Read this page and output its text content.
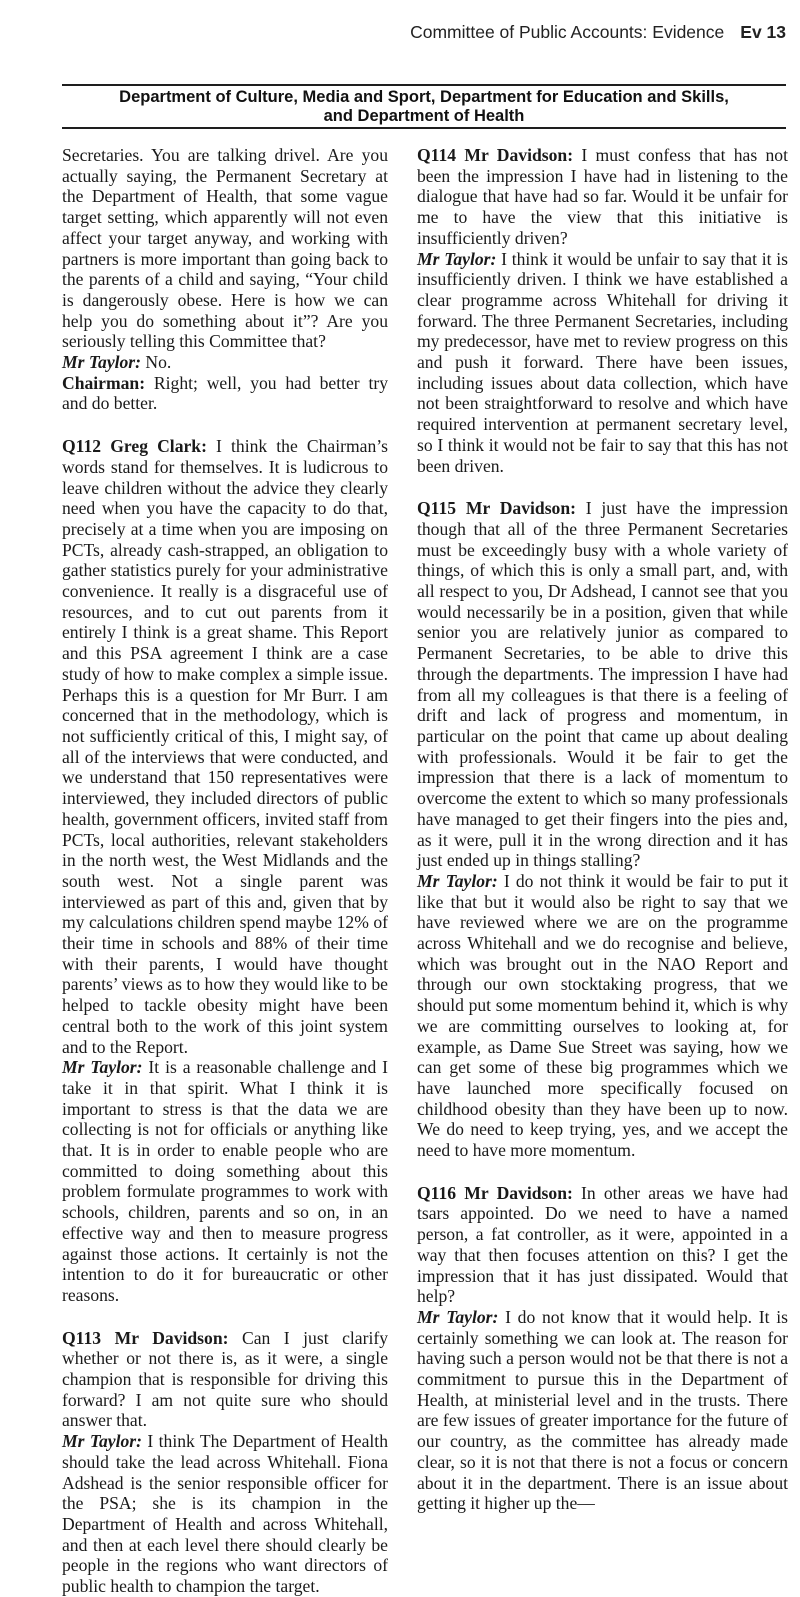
Committee of Public Accounts: Evidence Ev 13
Department of Culture, Media and Sport, Department for Education and Skills,
and Department of Health

Secretaries. You are talking drivel. Are you actually saying, the Permanent Secretary at the Department of Health, that some vague target setting, which apparently will not even affect your target anyway, and working with partners is more important than going back to the parents of a child and saying, “Your child is dangerously obese. Here is how we can help you do something about it”? Are you seriously telling this Committee that?

Mr Taylor: No.

Chairman: Right; well, you had better try and do better.

Q112 Greg Clark: I think the Chairman’s words stand for themselves. It is ludicrous to leave children without the advice they clearly need when you have the capacity to do that, precisely at a time when you are imposing on PCTs, already cash-strapped, an obligation to gather statistics purely for your administrative convenience. It really is a disgraceful use of resources, and to cut out parents from it entirely I think is a great shame. This Report and this PSA agreement I think are a case study of how to make complex a simple issue. Perhaps this is a question for Mr Burr. I am concerned that in the methodology, which is not sufficiently critical of this, I might say, of all of the interviews that were conducted, and we understand that 150 representatives were interviewed, they included directors of public health, government officers, invited staff from PCTs, local authorities, relevant stakeholders in the north west, the West Midlands and the south west. Not a single parent was interviewed as part of this and, given that by my calculations children spend maybe 12% of their time in schools and 88% of their time with their parents, I would have thought parents’ views as to how they would like to be helped to tackle obesity might have been central both to the work of this joint system and to the Report.

Mr Taylor: It is a reasonable challenge and I take it in that spirit. What I think it is important to stress is that the data we are collecting is not for officials or anything like that. It is in order to enable people who are committed to doing something about this problem formulate programmes to work with schools, children, parents and so on, in an effective way and then to measure progress against those actions. It certainly is not the intention to do it for bureaucratic or other reasons.

Q113 Mr Davidson: Can I just clarify whether or not there is, as it were, a single champion that is responsible for driving this forward? I am not quite sure who should answer that.

Mr Taylor: I think The Department of Health should take the lead across Whitehall. Fiona Adshead is the senior responsible officer for the PSA; she is its champion in the Department of Health and across Whitehall, and then at each level there should clearly be people in the regions who want directors of public health to champion the target.

Q114 Mr Davidson: I must confess that has not been the impression I have had in listening to the dialogue that have had so far. Would it be unfair for me to have the view that this initiative is insufficiently driven?

Mr Taylor: I think it would be unfair to say that it is insufficiently driven. I think we have established a clear programme across Whitehall for driving it forward. The three Permanent Secretaries, including my predecessor, have met to review progress on this and push it forward. There have been issues, including issues about data collection, which have not been straightforward to resolve and which have required intervention at permanent secretary level, so I think it would not be fair to say that this has not been driven.

Q115 Mr Davidson: I just have the impression though that all of the three Permanent Secretaries must be exceedingly busy with a whole variety of things, of which this is only a small part, and, with all respect to you, Dr Adshead, I cannot see that you would necessarily be in a position, given that while senior you are relatively junior as compared to Permanent Secretaries, to be able to drive this through the departments. The impression I have had from all my colleagues is that there is a feeling of drift and lack of progress and momentum, in particular on the point that came up about dealing with professionals. Would it be fair to get the impression that there is a lack of momentum to overcome the extent to which so many professionals have managed to get their fingers into the pies and, as it were, pull it in the wrong direction and it has just ended up in things stalling?

Mr Taylor: I do not think it would be fair to put it like that but it would also be right to say that we have reviewed where we are on the programme across Whitehall and we do recognise and believe, which was brought out in the NAO Report and through our own stocktaking progress, that we should put some momentum behind it, which is why we are committing ourselves to looking at, for example, as Dame Sue Street was saying, how we can get some of these big programmes which we have launched more specifically focused on childhood obesity than they have been up to now. We do need to keep trying, yes, and we accept the need to have more momentum.

Q116 Mr Davidson: In other areas we have had tsars appointed. Do we need to have a named person, a fat controller, as it were, appointed in a way that then focuses attention on this? I get the impression that it has just dissipated. Would that help?

Mr Taylor: I do not know that it would help. It is certainly something we can look at. The reason for having such a person would not be that there is not a commitment to pursue this in the Department of Health, at ministerial level and in the trusts. There are few issues of greater importance for the future of our country, as the committee has already made clear, so it is not that there is not a focus or concern about it in the department. There is an issue about getting it higher up the—
